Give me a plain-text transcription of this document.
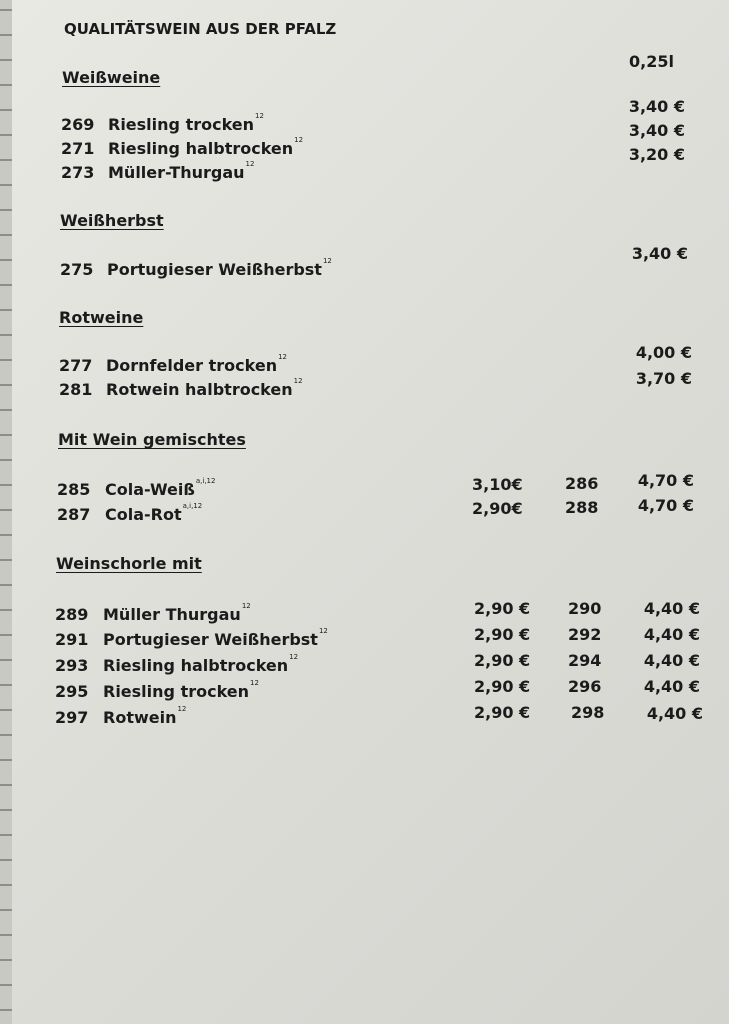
QUALITÄTSWEIN AUS DER PFALZ
0,25l
Weißweine
269 Riesling trocken$^{12}$	3,40 €
271 Riesling halbtrocken$^{12}$	3,40 €
273 Müller-Thurgau$^{12}$	3,20 €
Weißherbst
275 Portugieser Weißherbst$^{12}$	3,40 €
Rotweine
277 Dornfelder trocken$^{12}$	4,00 €
281 Rotwein halbtrocken$^{12}$	3,70 €
Mit Wein gemischtes
285 Cola-Weiß$^{a,i,12}$	3,10€	286 4,70 €
287 Cola-Rot$^{a,i,12}$	2,90€	288 4,70 €
Weinschorle mit
289 Müller Thurgau$^{12}$	2,90 € 290	4,40 €
291 Portugieser Weißherbst$^{12}$	2,90 € 292	4,40 €
293 Riesling halbtrocken$^{12}$	2,90 € 294	4,40 €
295 Riesling trocken$^{12}$	2,90 € 296	4,40 €
297 Rotwein$^{12}$	2,90 €	298	4,40 €
